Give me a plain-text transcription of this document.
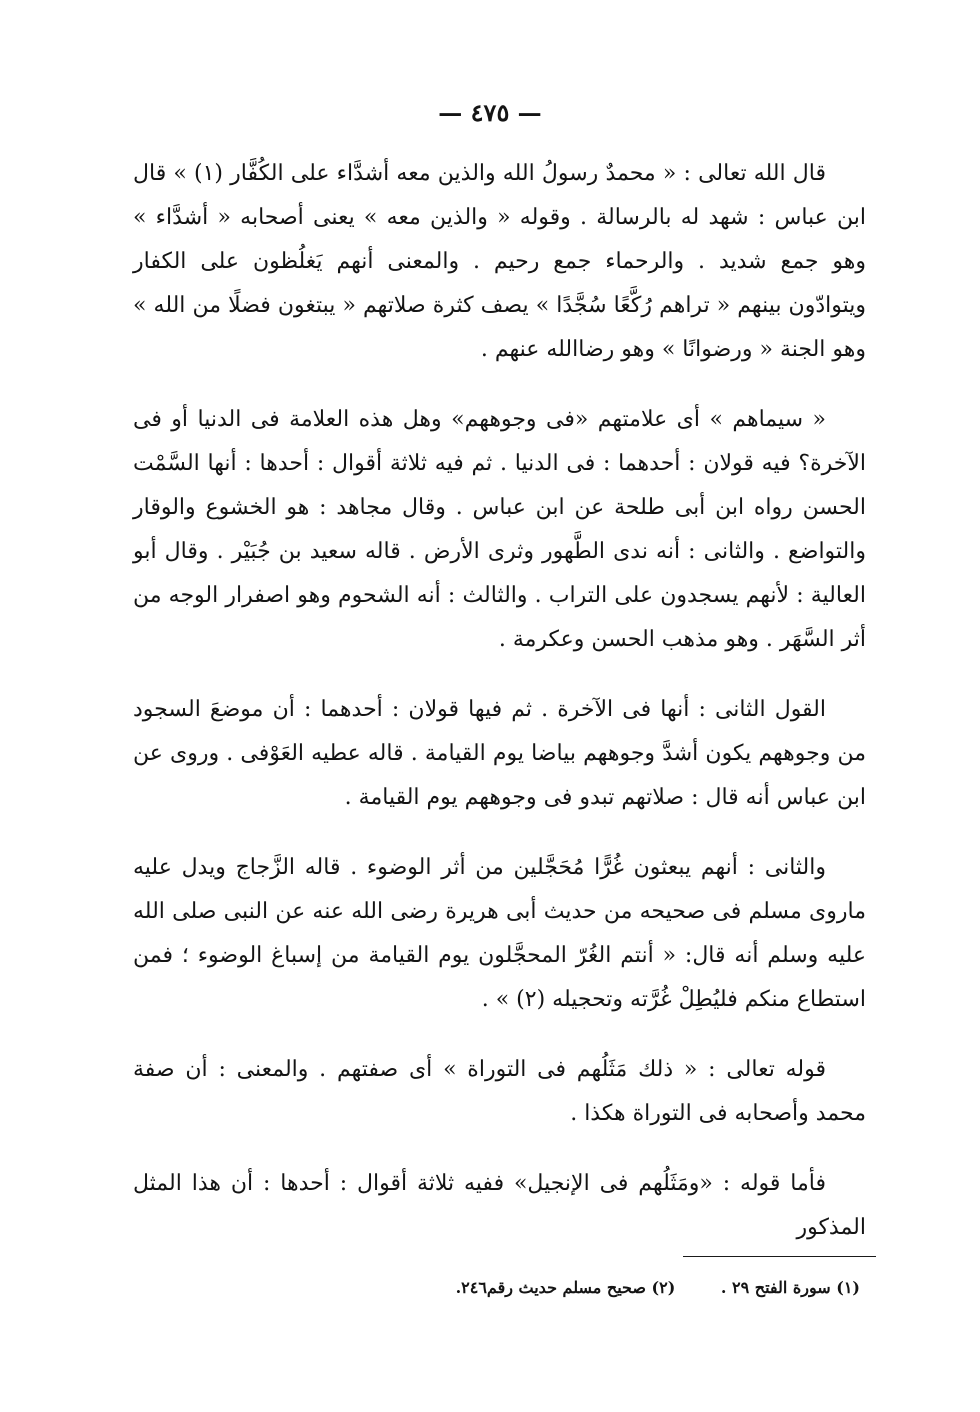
— ٤٧٥ —

قال الله تعالى : « محمدٌ رسولُ الله والذين معه أشدَّاء على الكُفَّار (١) » قال ابن عباس : شهد له بالرسالة . وقوله « والذين معه » يعنى أصحابه « أشدَّاء » وهو جمع شديد . والرحماء جمع رحيم . والمعنى أنهم يَغلُظون على الكفار ويتوادّون بينهم « تراهم رُكَّعًا سُجَّدًا » يصف كثرة صلاتهم « يبتغون فضلًا من الله » وهو الجنة « ورضوانًا » وهو رضاالله عنهم .

« سيماهم » أى علامتهم «فى وجوههم» وهل هذه العلامة فى الدنيا أو فى الآخرة؟ فيه قولان : أحدهما : فى الدنيا . ثم فيه ثلاثة أقوال : أحدها : أنها السَّمْت الحسن رواه ابن أبى طلحة عن ابن عباس . وقال مجاهد : هو الخشوع والوقار والتواضع . والثانى : أنه ندى الطَّهور وثرى الأرض . قاله سعيد بن جُبَيْر . وقال أبو العالية : لأنهم يسجدون على التراب . والثالث : أنه الشحوم وهو اصفرار الوجه من أثر السَّهَر . وهو مذهب الحسن وعكرمة .

القول الثانى : أنها فى الآخرة . ثم فيها قولان : أحدهما : أن موضعَ السجود من وجوههم يكون أشدَّ وجوههم بياضا يوم القيامة . قاله عطيه العَوْفى . وروى عن ابن عباس أنه قال : صلاتهم تبدو فى وجوههم يوم القيامة .

والثانى : أنهم يبعثون غُرًّا مُحَجَّلين من أثر الوضوء . قاله الزَّجاج ويدل عليه ماروى مسلم فى صحيحه من حديث أبى هريرة رضى الله عنه عن النبى صلى الله عليه وسلم أنه قال: « أنتم الغُرّ المحجَّلون يوم القيامة من إسباغ الوضوء ؛ فمن استطاع منكم فليُطِلْ غُرَّته وتحجيله (٢) » .

قوله تعالى : « ذلك مَثَلُهم فى التوراة » أى صفتهم . والمعنى : أن صفة محمد وأصحابه فى التوراة هكذا .

فأما قوله : «ومَثَلُهم فى الإنجيل» ففيه ثلاثة أقوال : أحدها : أن هذا المثل المذكور

(١) سورة الفتح ٢٩ . (٢) صحيح مسلم حديث رقم٢٤٦.
